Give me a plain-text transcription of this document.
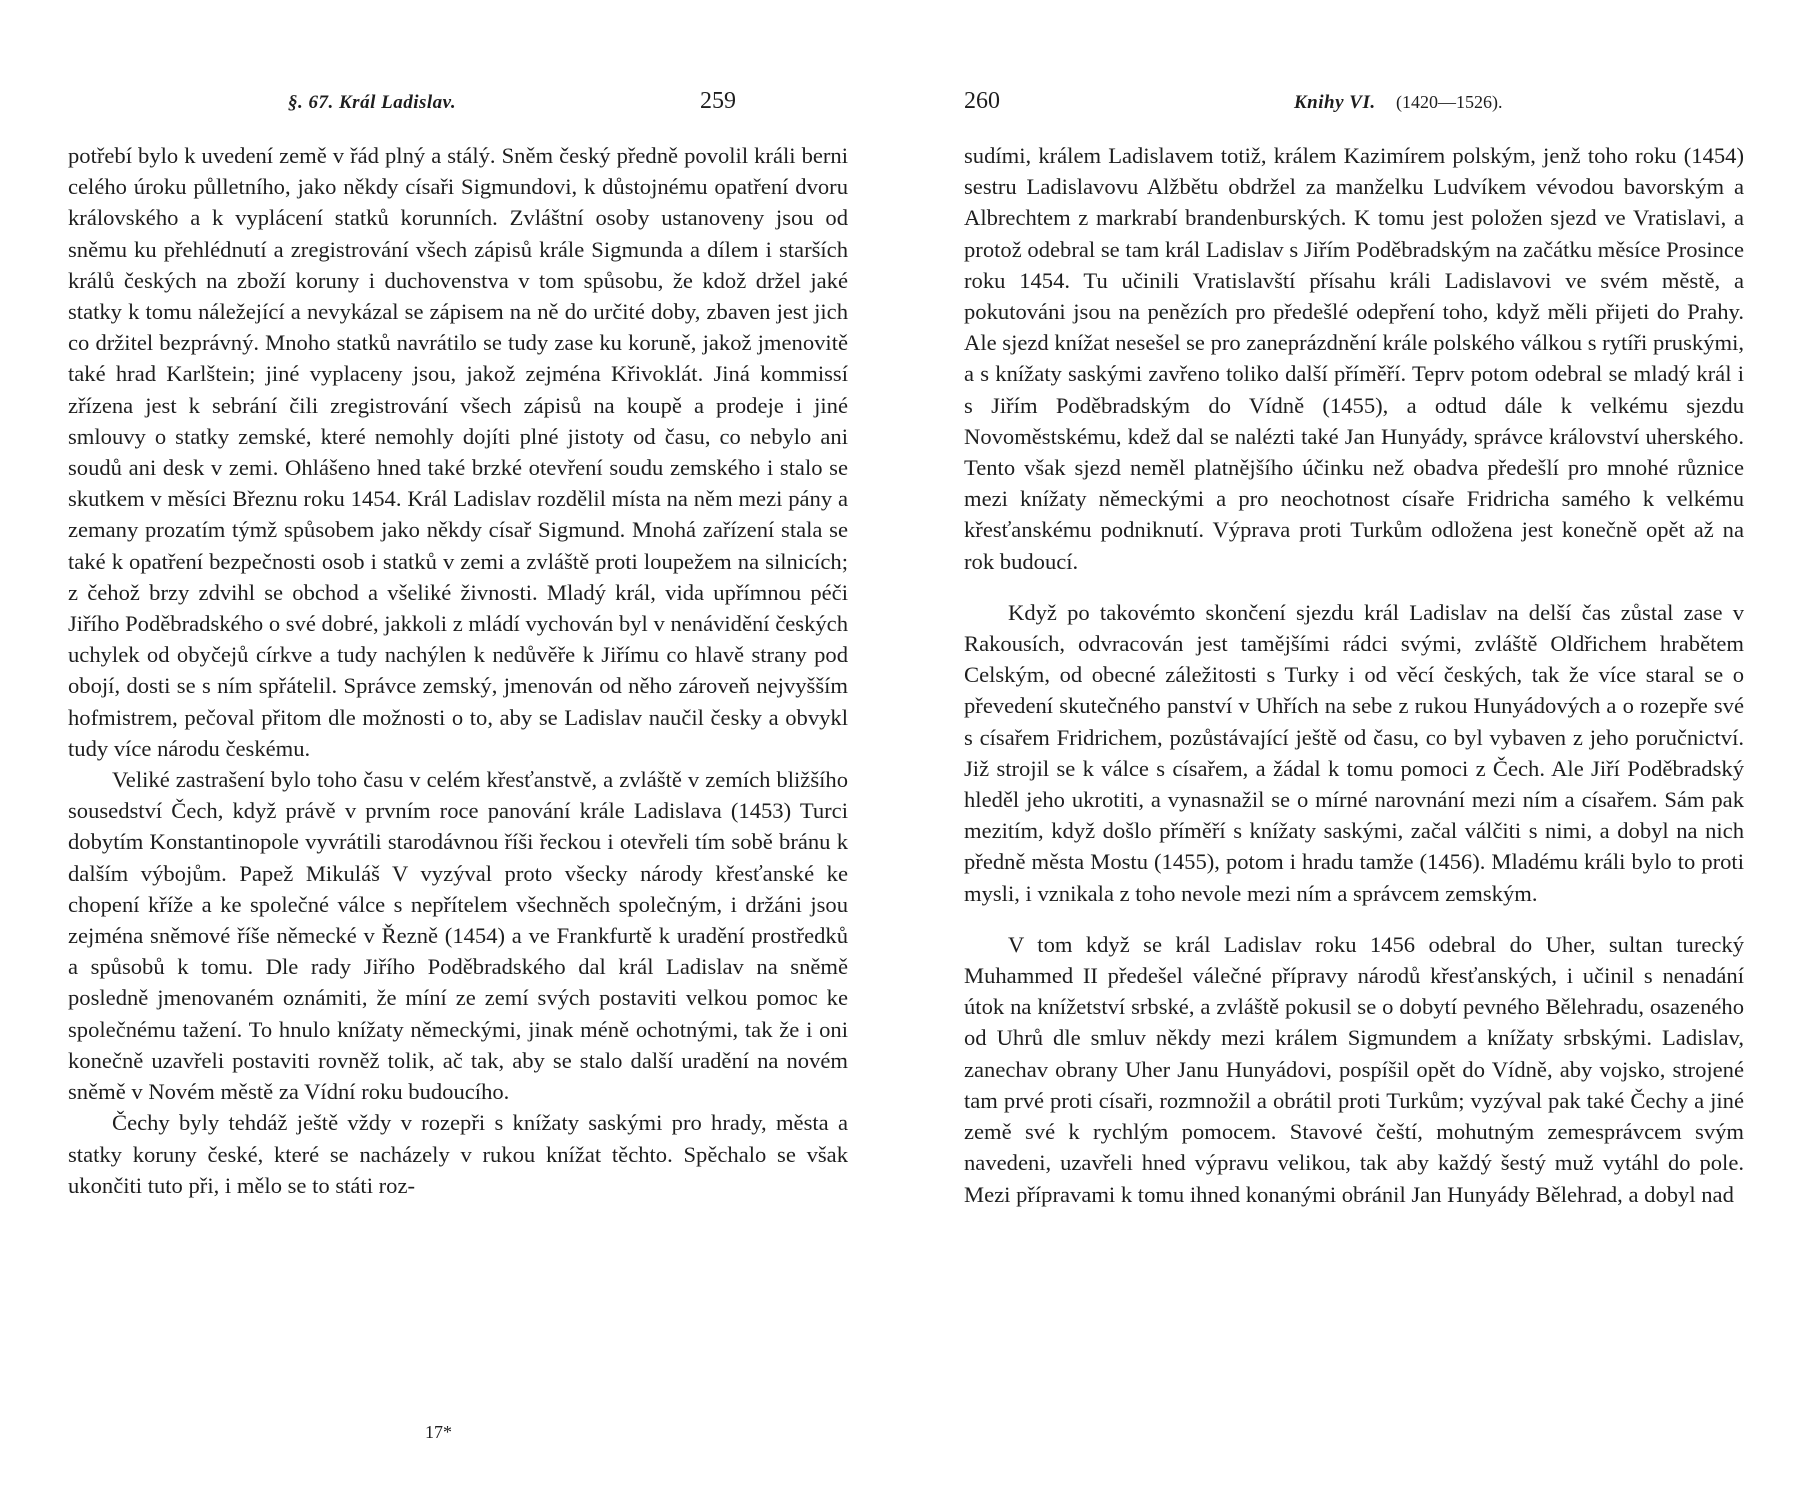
§. 67. Král Ladislav.	259

potřebí bylo k uvedení země v řád plný a stálý. Sněm český předně povolil králi berni celého úroku půlletního, jako někdy císaři Sigmundovi, k důstojnému opatření dvoru královského a k vyplácení statků korunních. Zvláštní osoby ustanoveny jsou od sněmu ku přehlédnutí a zregistrování všech zápisů krále Sigmunda a dílem i starších králů českých na zboží koruny i duchovenstva v tom spůsobu, že kdož držel jaké statky k tomu náležející a nevykázal se zápisem na ně do určité doby, zbaven jest jich co držitel bezprávný. Mnoho statků navrátilo se tudy zase ku koruně, jakož jmenovitě také hrad Karlštein; jiné vyplaceny jsou, jakož zejména Křivoklát. Jiná kommissí zřízena jest k sebrání čili zregistrování všech zápisů na koupě a prodeje i jiné smlouvy o statky zemské, které nemohly dojíti plné jistoty od času, co nebylo ani soudů ani desk v zemi. Ohlášeno hned také brzké otevření soudu zemského i stalo se skutkem v měsíci Březnu roku 1454. Král Ladislav rozdělil místa na něm mezi pány a zemany prozatím týmž spůsobem jako někdy císař Sigmund. Mnohá zařízení stala se také k opatření bezpečnosti osob i statků v zemi a zvláště proti loupežem na silnicích; z čehož brzy zdvihl se obchod a všeliké živnosti. Mladý král, vida upřímnou péči Jiřího Poděbradského o své dobré, jakkoli z mládí vychován byl v nenávidění českých uchylek od obyčejů církve a tudy nachýlen k nedůvěře k Jiřímu co hlavě strany pod obojí, dosti se s ním spřátelil. Správce zemský, jmenován od něho zároveň nejvyšším hofmistrem, pečoval přitom dle možnosti o to, aby se Ladislav naučil česky a obvykl tudy více národu českému.

Veliké zastrašení bylo toho času v celém křesťanstvě, a zvláště v zemích bližšího sousedství Čech, když právě v prvním roce panování krále Ladislava (1453) Turci dobytím Konstantinopole vyvrátili starodávnou říši řeckou i otevřeli tím sobě bránu k dalším výbojům. Papež Mikuláš V vyzýval proto všecky národy křesťanské ke chopení kříže a ke společné válce s nepřítelem všechněch společným, i držáni jsou zejména sněmové říše německé v Řezně (1454) a ve Frankfurtě k uradění prostředků a spůsobů k tomu. Dle rady Jiřího Poděbradského dal král Ladislav na sněmě posledně jmenovaném oznámiti, že míní ze zemí svých postaviti velkou pomoc ke společnému tažení. To hnulo knížaty německými, jinak méně ochotnými, tak že i oni konečně uzavřeli postaviti rovněž tolik, ač tak, aby se stalo další uradění na novém sněmě v Novém městě za Vídní roku budoucího.

Čechy byly tehdáž ještě vždy v rozepři s knížaty saskými pro hrady, města a statky koruny české, které se nacházely v rukou knížat těchto. Spěchalo se však ukončiti tuto při, i mělo se to státi roz-

17*
260	Knihy VI. (1420—1526).

sudími, králem Ladislavem totiž, králem Kazimírem polským, jenž toho roku (1454) sestru Ladislavovu Alžbětu obdržel za manželku Ludvíkem vévodou bavorským a Albrechtem z markrabí brandenburských. K tomu jest položen sjezd ve Vratislavi, a protož odebral se tam král Ladislav s Jiřím Poděbradským na začátku měsíce Prosince roku 1454. Tu učinili Vratislavští přísahu králi Ladislavovi ve svém městě, a pokutováni jsou na penězích pro předešlé odepření toho, když měli přijeti do Prahy. Ale sjezd knížat nesešel se pro zaneprázdnění krále polského válkou s rytíři pruskými, a s knížaty saskými zavřeno toliko další příměří. Teprv potom odebral se mladý král i s Jiřím Poděbradským do Vídně (1455), a odtud dále k velkému sjezdu Novoměstskému, kdež dal se nalézti také Jan Hunyády, správce království uherského. Tento však sjezd neměl platnějšího účinku než obadva předešlí pro mnohé různice mezi knížaty německými a pro neochotnost císaře Fridricha samého k velkému křesťanskému podniknutí. Výprava proti Turkům odložena jest konečně opět až na rok budoucí.

Když po takovémto skončení sjezdu král Ladislav na delší čas zůstal zase v Rakousích, odvracován jest tamějšími rádci svými, zvláště Oldřichem hrabětem Celským, od obecné záležitosti s Turky i od věcí českých, tak že více staral se o převedení skutečného panství v Uhřích na sebe z rukou Hunyádových a o rozepře své s císařem Fridrichem, pozůstávající ještě od času, co byl vybaven z jeho poručnictví. Již strojil se k válce s císařem, a žádal k tomu pomoci z Čech. Ale Jiří Poděbradský hleděl jeho ukrotiti, a vynasnažil se o mírné narovnání mezi ním a císařem. Sám pak mezitím, když došlo příměří s knížaty saskými, začal válčiti s nimi, a dobyl na nich předně města Mostu (1455), potom i hradu tamže (1456). Mladému králi bylo to proti mysli, i vznikala z toho nevole mezi ním a správcem zemským.

V tom když se král Ladislav roku 1456 odebral do Uher, sultan turecký Muhammed II předešel válečné přípravy národů křesťanských, i učinil s nenadání útok na knížetství srbské, a zvláště pokusil se o dobytí pevného Bělehradu, osazeného od Uhrů dle smluv někdy mezi králem Sigmundem a knížaty srbskými. Ladislav, zanechav obrany Uher Janu Hunyádovi, pospíšil opět do Vídně, aby vojsko, strojené tam prvé proti císaři, rozmnožil a obrátil proti Turkům; vyzýval pak také Čechy a jiné země své k rychlým pomocem. Stavové čeští, mohutným zemesprávcem svým navedeni, uzavřeli hned výpravu velikou, tak aby každý šestý muž vytáhl do pole. Mezi přípravami k tomu ihned konanými obránil Jan Hunyády Bělehrad, a dobyl nad
